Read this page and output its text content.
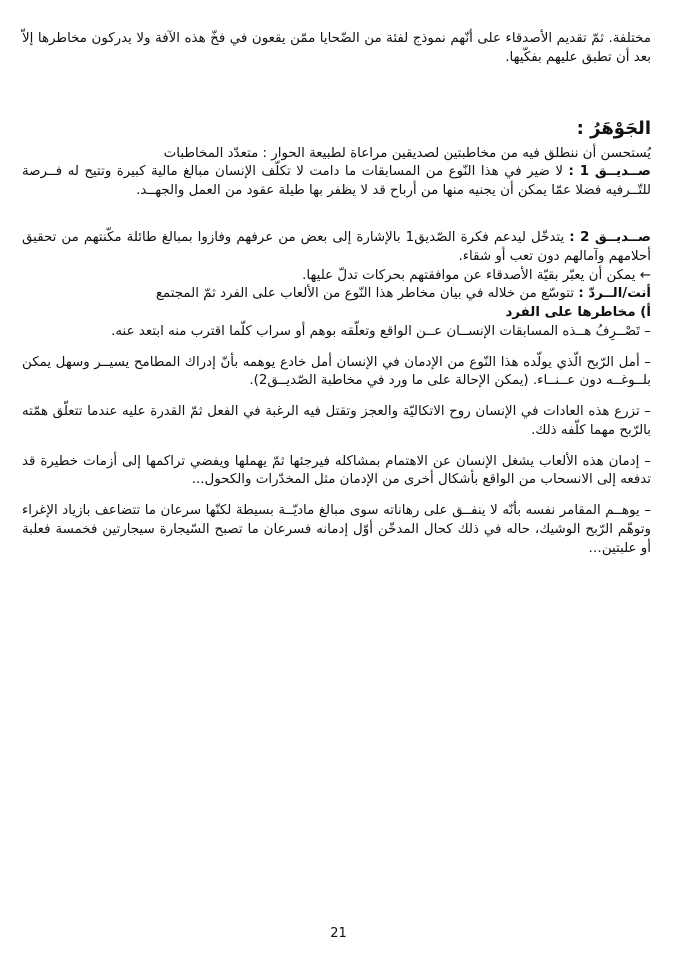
مختلفة. ثمّ تقديم الأصدقاء على أنّهم نموذج لفئة من الضّحايا ممّن يقعون في فخّ هذه الآفة ولا يدركون مخاطرها إلاّ بعد أن تطبق عليهم بفكّيها.

الجَوْهَرُ :

يُستحسن أن ننطلق فيه من مخاطبتين لصديقين مراعاة لطبيعة الحوار : متعدّد المخاطبات

صــديــق 1 : لا ضير في هذا النّوع من المسابقات ما دامت لا تكلّف الإنسان مبالغ مالية كبيرة وتتيح له فــرصة للتّــرفيه فضلا عمّا يمكن أن يجنيه منها من أرباح قد لا يظفر بها طيلة عقود من العمل والجهــد.

صــديــق 2 : يتدخّل ليدعم فكرة الصّديق1 بالإشارة إلى بعض من عرفهم وفازوا بمبالغ طائلة مكّنتهم من تحقيق أحلامهم وآمالهم دون تعب أو شقاء.

← يمكن أن يعبّر بقيّة الأصدقاء عن موافقتهم بحركات تدلّ عليها.

أنت/الــردّ : تتوسّع من خلاله في بيان مخاطر هذا النّوع من الألعاب على الفرد ثمّ المجتمع

أ) مخاطرها على الفرد

– تَصْــرِفُ هــذه المسابقات الإنســان عــن الواقع وتعلّقه بوهم أو سراب كلّما اقترب منه ابتعد عنه.

– أمل الرّبح الّذي يولّده هذا النّوع من الإدمان في الإنسان أمل خادع يوهمه بأنّ إدراك المطامح يسيــر وسهل يمكن بلــوغــه دون عــنــاء. (يمكن الإحالة على ما ورد في مخاطبة الصّديــق2).

– تزرع هذه العادات في الإنسان روح الاتكاليّة والعجز وتقتل فيه الرغبة في الفعل ثمّ القدرة عليه عندما تتعلّق همّته بالرّبح مهما كلّفه ذلك.

– إدمان هذه الألعاب يشغل الإنسان عن الاهتمام بمشاكله فيرجئها ثمّ يهملها ويفضي تراكمها إلى أزمات خطيرة قد تدفعه إلى الانسحاب من الواقع بأشكال أخرى من الإدمان مثل المخدّرات والكحول...

– يوهــم المقامر نفسه بأنّه لا ينفــق على رهاناته سوى مبالغ ماديّــة بسيطة لكنّها سرعان ما تتضاعف بازياد الإغراء وتوهّم الرّبح الوشيك، حاله في ذلك كحال المدخّن أوّل إدمانه فسرعان ما تصبح السّيجارة سيجارتين فخمسة فعلبة أو علبتين…

21
